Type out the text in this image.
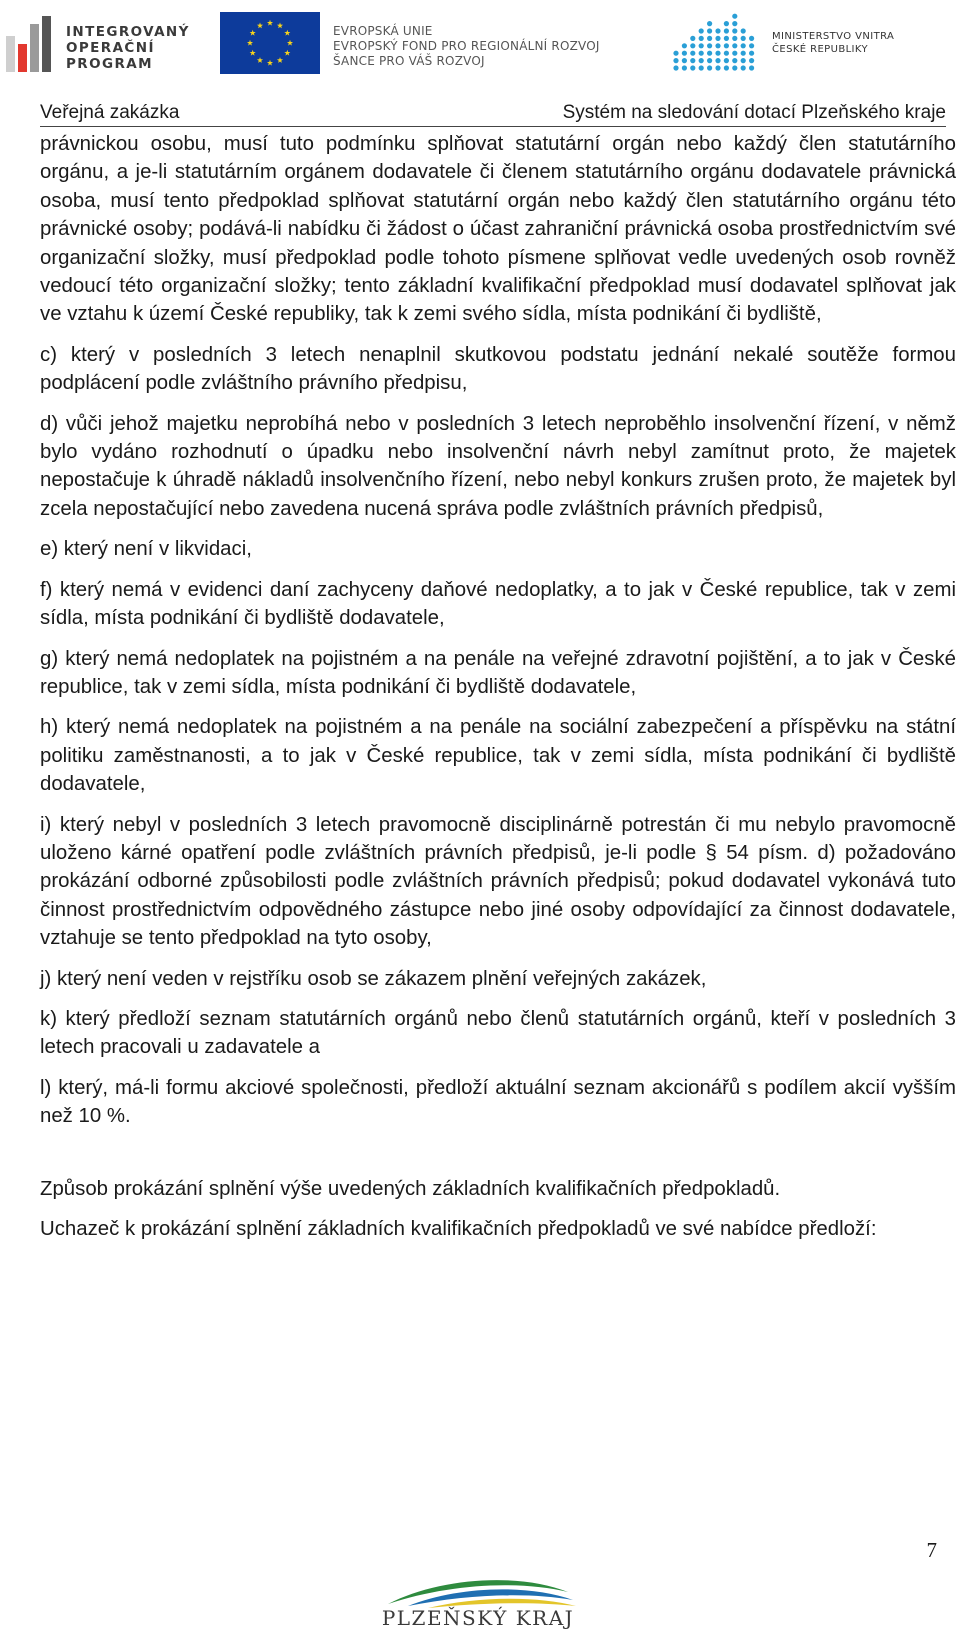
INTEGROVANÝ
OPERAČNÍ
PROGRAM
EVROPSKÁ UNIE
EVROPSKÝ FOND PRO REGIONÁLNÍ ROZVOJ
ŠANCE PRO VÁŠ ROZVOJ
MINISTERSTVO VNITRA
ČESKÉ REPUBLIKY
Veřejná zakázka	Systém na sledování dotací Plzeňského kraje

právnickou osobu, musí tuto podmínku splňovat statutární orgán nebo každý člen statutárního orgánu, a je-li statutárním orgánem dodavatele či členem statutárního orgánu dodavatele právnická osoba, musí tento předpoklad splňovat statutární orgán nebo každý člen statutárního orgánu této právnické osoby; podává-li nabídku či žádost o účast zahraniční právnická osoba prostřednictvím své organizační složky, musí předpoklad podle tohoto písmene splňovat vedle uvedených osob rovněž vedoucí této organizační složky; tento základní kvalifikační předpoklad musí dodavatel splňovat jak ve vztahu k území České republiky, tak k zemi svého sídla, místa podnikání či bydliště,

c) který v posledních 3 letech nenaplnil skutkovou podstatu jednání nekalé soutěže formou podplácení podle zvláštního právního předpisu,

d) vůči jehož majetku neprobíhá nebo v posledních 3 letech neproběhlo insolvenční řízení, v němž bylo vydáno rozhodnutí o úpadku nebo insolvenční návrh nebyl zamítnut proto, že majetek nepostačuje k úhradě nákladů insolvenčního řízení, nebo nebyl konkurs zrušen proto, že majetek byl zcela nepostačující nebo zavedena nucená správa podle zvláštních právních předpisů,

e) který není v likvidaci,

f) který nemá v evidenci daní zachyceny daňové nedoplatky, a to jak v České republice, tak v zemi sídla, místa podnikání či bydliště dodavatele,

g) který nemá nedoplatek na pojistném a na penále na veřejné zdravotní pojištění, a to jak v České republice, tak v zemi sídla, místa podnikání či bydliště dodavatele,

h) který nemá nedoplatek na pojistném a na penále na sociální zabezpečení a příspěvku na státní politiku zaměstnanosti, a to jak v České republice, tak v zemi sídla, místa podnikání či bydliště dodavatele,

i) který nebyl v posledních 3 letech pravomocně disciplinárně potrestán či mu nebylo pravomocně uloženo kárné opatření podle zvláštních právních předpisů, je-li podle § 54 písm. d) požadováno prokázání odborné způsobilosti podle zvláštních právních předpisů; pokud dodavatel vykonává tuto činnost prostřednictvím odpovědného zástupce nebo jiné osoby odpovídající za činnost dodavatele, vztahuje se tento předpoklad na tyto osoby,

j) který není veden v rejstříku osob se zákazem plnění veřejných zakázek,

k) který předloží seznam statutárních orgánů nebo členů statutárních orgánů, kteří v posledních 3 letech pracovali u zadavatele a

l) který, má-li formu akciové společnosti, předloží aktuální seznam akcionářů s podílem akcií vyšším než 10 %.

Způsob prokázání splnění výše uvedených základních kvalifikačních předpokladů.

Uchazeč k prokázání splnění základních kvalifikačních předpokladů ve své nabídce předloží:

7
PLZEŇSKÝ KRAJ
